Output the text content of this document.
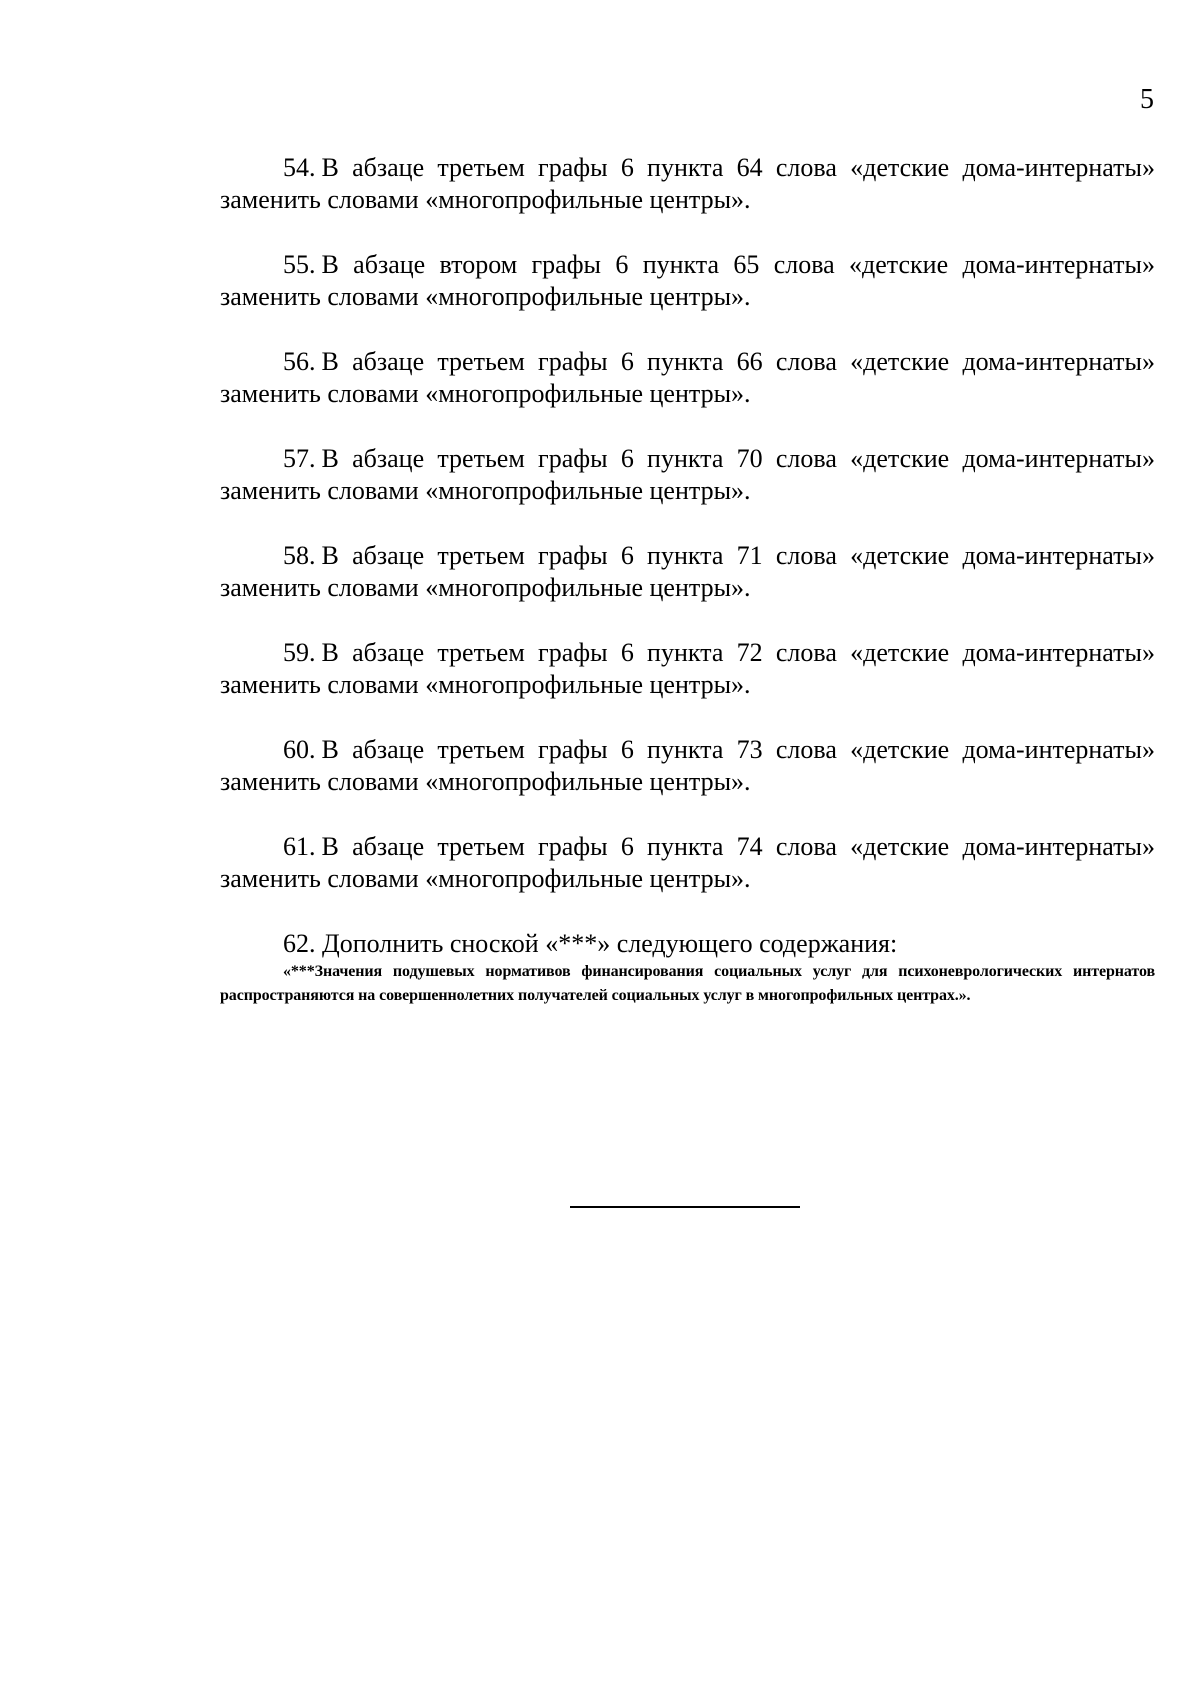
5

54. В абзаце третьем графы 6 пункта 64 слова «детские дома-интернаты» заменить словами «многопрофильные центры».

55. В абзаце втором графы 6 пункта 65 слова «детские дома-интернаты» заменить словами «многопрофильные центры».

56. В абзаце третьем графы 6 пункта 66 слова «детские дома-интернаты» заменить словами «многопрофильные центры».

57. В абзаце третьем графы 6 пункта 70 слова «детские дома-интернаты» заменить словами «многопрофильные центры».

58. В абзаце третьем графы 6 пункта 71 слова «детские дома-интернаты» заменить словами «многопрофильные центры».

59. В абзаце третьем графы 6 пункта 72 слова «детские дома-интернаты» заменить словами «многопрофильные центры».

60. В абзаце третьем графы 6 пункта 73 слова «детские дома-интернаты» заменить словами «многопрофильные центры».

61. В абзаце третьем графы 6 пункта 74 слова «детские дома-интернаты» заменить словами «многопрофильные центры».

62. Дополнить сноской «***» следующего содержания:

«***Значения подушевых нормативов финансирования социальных услуг для психоневрологических интернатов распространяются на совершеннолетних получателей социальных услуг в многопрофильных центрах.».
